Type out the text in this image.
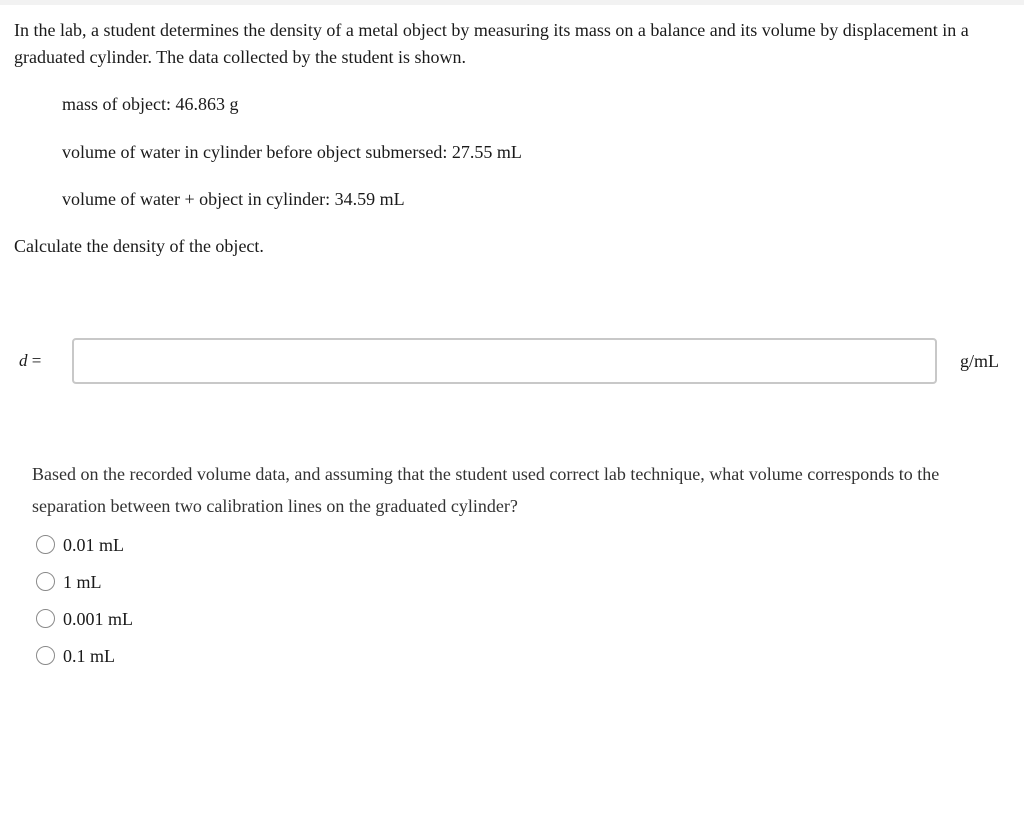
In the lab, a student determines the density of a metal object by measuring its mass on a balance and its volume by displacement in a graduated cylinder. The data collected by the student is shown.

mass of object: 46.863 g

volume of water in cylinder before object submersed: 27.55 mL

volume of water + object in cylinder: 34.59 mL

Calculate the density of the object.

d =	g/mL

Based on the recorded volume data, and assuming that the student used correct lab technique, what volume corresponds to the separation between two calibration lines on the graduated cylinder?

0.01 mL
1 mL
0.001 mL
0.1 mL
